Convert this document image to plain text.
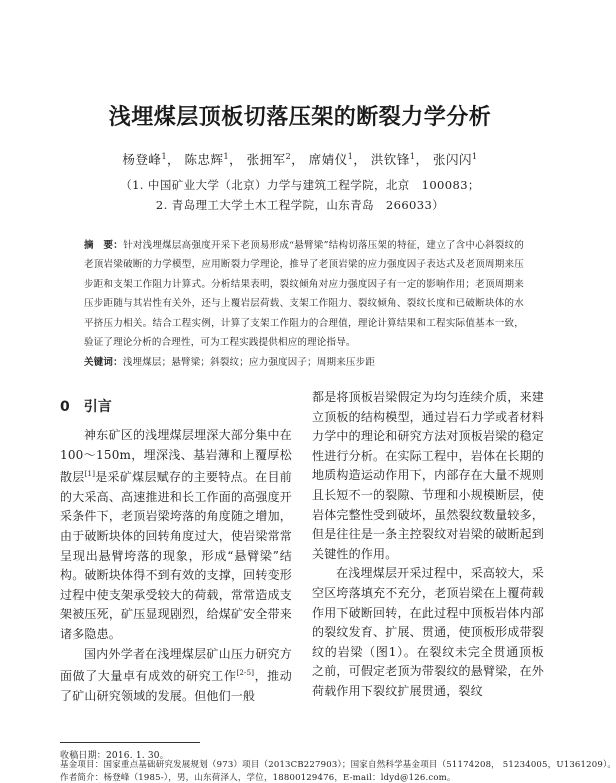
浅埋煤层顶板切落压架的断裂力学分析
杨登峰$^1$， 陈忠辉$^1$， 张拥军$^2$， 席婧仪$^1$， 洪钦锋$^1$， 张闪闪$^1$
（1. 中国矿业大学（北京）力学与建筑工程学院，北京　100083；
2. 青岛理工大学土木工程学院，山东青岛　266033）
摘　要：针对浅埋煤层高强度开采下老顶易形成“悬臂梁”结构切落压架的特征，建立了含中心斜裂纹的老顶岩梁破断的力学模型，应用断裂力学理论，推导了老顶岩梁的应力强度因子表达式及老顶周期来压步距和支架工作阻力计算式。分析结果表明，裂纹倾角对应力强度因子有一定的影响作用；老顶周期来压步距随与其岩性有关外，还与上覆岩层荷载、支架工作阻力、裂纹倾角、裂纹长度和已破断块体的水平挤压力相关。结合工程实例，计算了支架工作阻力的合理值，理论计算结果和工程实际值基本一致，验证了理论分析的合理性，可为工程实践提供相应的理论指导。
关键词：浅埋煤层；悬臂梁；斜裂纹；应力强度因子；周期来压步距
0 引言

神东矿区的浅埋煤层埋深大部分集中在 100～150m，埋深浅、基岩薄和上覆厚松散层[1]是采矿煤层赋存的主要特点。在目前的大采高、高速推进和长工作面的高强度开采条件下，老顶岩梁垮落的角度随之增加，由于破断块体的回转角度过大，使岩梁常常呈现出悬臂垮落的现象，形成“悬臂梁”结构。破断块体得不到有效的支撑，回转变形过程中使支架承受较大的荷载，常常造成支架被压死，矿压显现剧烈，给煤矿安全带来诸多隐患。

国内外学者在浅埋煤层矿山压力研究方面做了大量卓有成效的研究工作[2-5]，推动了矿山研究领域的发展。但他们一般

都是将顶板岩梁假定为均匀连续介质，来建立顶板的结构模型，通过岩石力学或者材料力学中的理论和研究方法对顶板岩梁的稳定性进行分析。在实际工程中，岩体在长期的地质构造运动作用下，内部存在大量不规则且长短不一的裂隙、节理和小规模断层，使岩体完整性受到破坏，虽然裂纹数量较多，但是往往是一条主控裂纹对岩梁的破断起到关键性的作用。

在浅埋煤层开采过程中，采高较大，采空区垮落填充不充分，老顶岩梁在上覆荷载作用下破断回转，在此过程中顶板岩体内部的裂纹发育、扩展、贯通，使顶板形成带裂纹的岩梁（图1）。在裂纹未完全贯通顶板之前，可假定老顶为带裂纹的悬臂梁，在外荷载作用下裂纹扩展贯通，裂纹

收稿日期：2016. 1. 30。
基金项目：国家重点基础研究发展规划（973）项目（2013CB227903）；国家自然科学基金项目（51174208， 51234005，U1361209）。
作者简介：杨登峰（1985-），男，山东荷泽人，学位，18800129476，E-mail：ldyd@126.com。
